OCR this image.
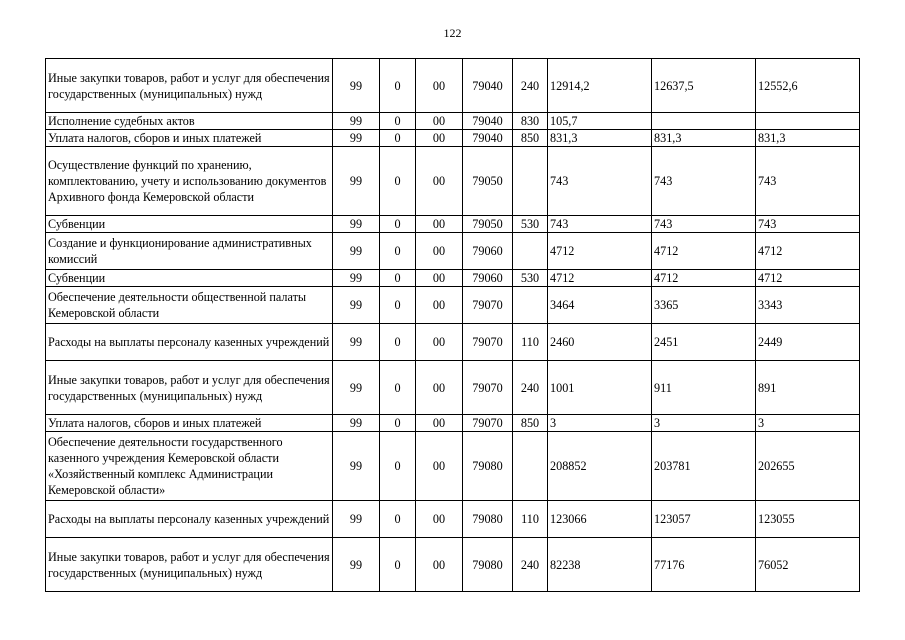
122
Иные закупки товаров, работ и услуг для обеспечения государственных (муниципальных) нужд	99	0	00	79040	240	12914,2	12637,5	12552,6
Исполнение судебных актов	99	0	00	79040	830	105,7		
Уплата налогов, сборов и иных платежей	99	0	00	79040	850	831,3	831,3	831,3
Осуществление функций по хранению, комплектованию, учету и использованию документов Архивного фонда Кемеровской области	99	0	00	79050		743	743	743
Субвенции	99	0	00	79050	530	743	743	743
Создание и функционирование административных комиссий	99	0	00	79060		4712	4712	4712
Субвенции	99	0	00	79060	530	4712	4712	4712
Обеспечение деятельности общественной палаты Кемеровской области	99	0	00	79070		3464	3365	3343
Расходы на выплаты персоналу казенных учреждений	99	0	00	79070	110	2460	2451	2449
Иные закупки товаров, работ и услуг для обеспечения государственных (муниципальных) нужд	99	0	00	79070	240	1001	911	891
Уплата налогов, сборов и иных платежей	99	0	00	79070	850	3	3	3
Обеспечение деятельности государственного казенного учреждения Кемеровской области «Хозяйственный комплекс Администрации Кемеровской области»	99	0	00	79080		208852	203781	202655
Расходы на выплаты персоналу казенных учреждений	99	0	00	79080	110	123066	123057	123055
Иные закупки товаров, работ и услуг для обеспечения государственных (муниципальных) нужд	99	0	00	79080	240	82238	77176	76052
